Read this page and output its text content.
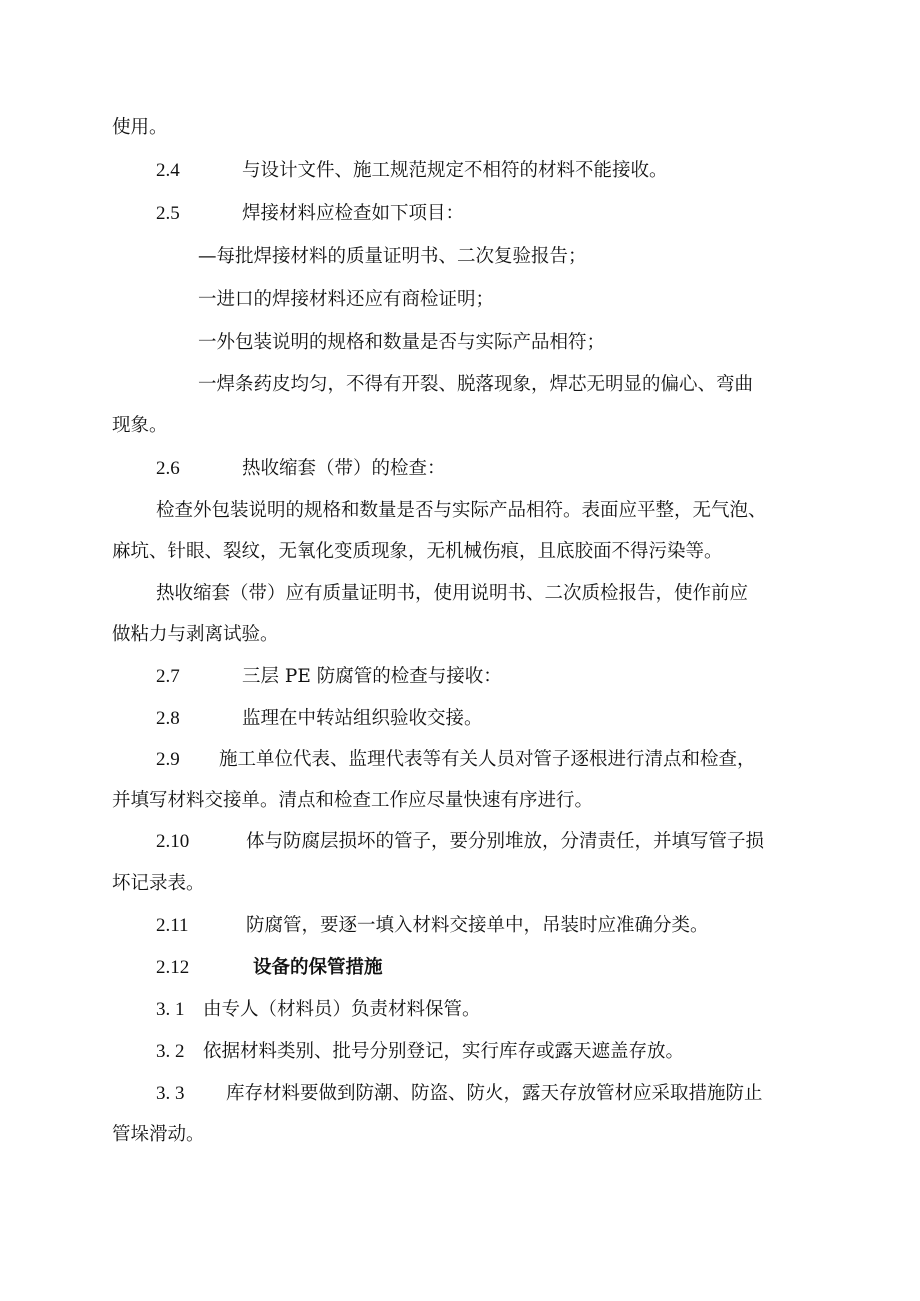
使用。
2.4	与设计文件、施工规范规定不相符的材料不能接收。
2.5	焊接材料应检查如下项目：
—每批焊接材料的质量证明书、二次复验报告；
一进口的焊接材料还应有商检证明；
一外包装说明的规格和数量是否与实际产品相符；
一焊条药皮均匀，不得有开裂、脱落现象，焊芯无明显的偏心、弯曲
现象。
2.6	热收缩套（带）的检查：
检查外包装说明的规格和数量是否与实际产品相符。表面应平整，无气泡、
麻坑、针眼、裂纹，无氧化变质现象，无机械伤痕，且底胶面不得污染等。
热收缩套（带）应有质量证明书，使用说明书、二次质检报告，使作前应
做粘力与剥离试验。
2.7	三层 PE 防腐管的检查与接收：
2.8	监理在中转站组织验收交接。
2.9 施工单位代表、监理代表等有关人员对管子逐根进行清点和检查，
并填写材料交接单。清点和检查工作应尽量快速有序进行。
2.10	体与防腐层损坏的管子，要分别堆放，分清责任，并填写管子损
坏记录表。
2.11	防腐管，要逐一填入材料交接单中，吊装时应准确分类。
2.12	设备的保管措施
3. 1 由专人（材料员）负责材料保管。
3. 2 依据材料类别、批号分别登记，实行库存或露天遮盖存放。
3. 3 库存材料要做到防潮、防盗、防火，露天存放管材应采取措施防止
管垛滑动。
